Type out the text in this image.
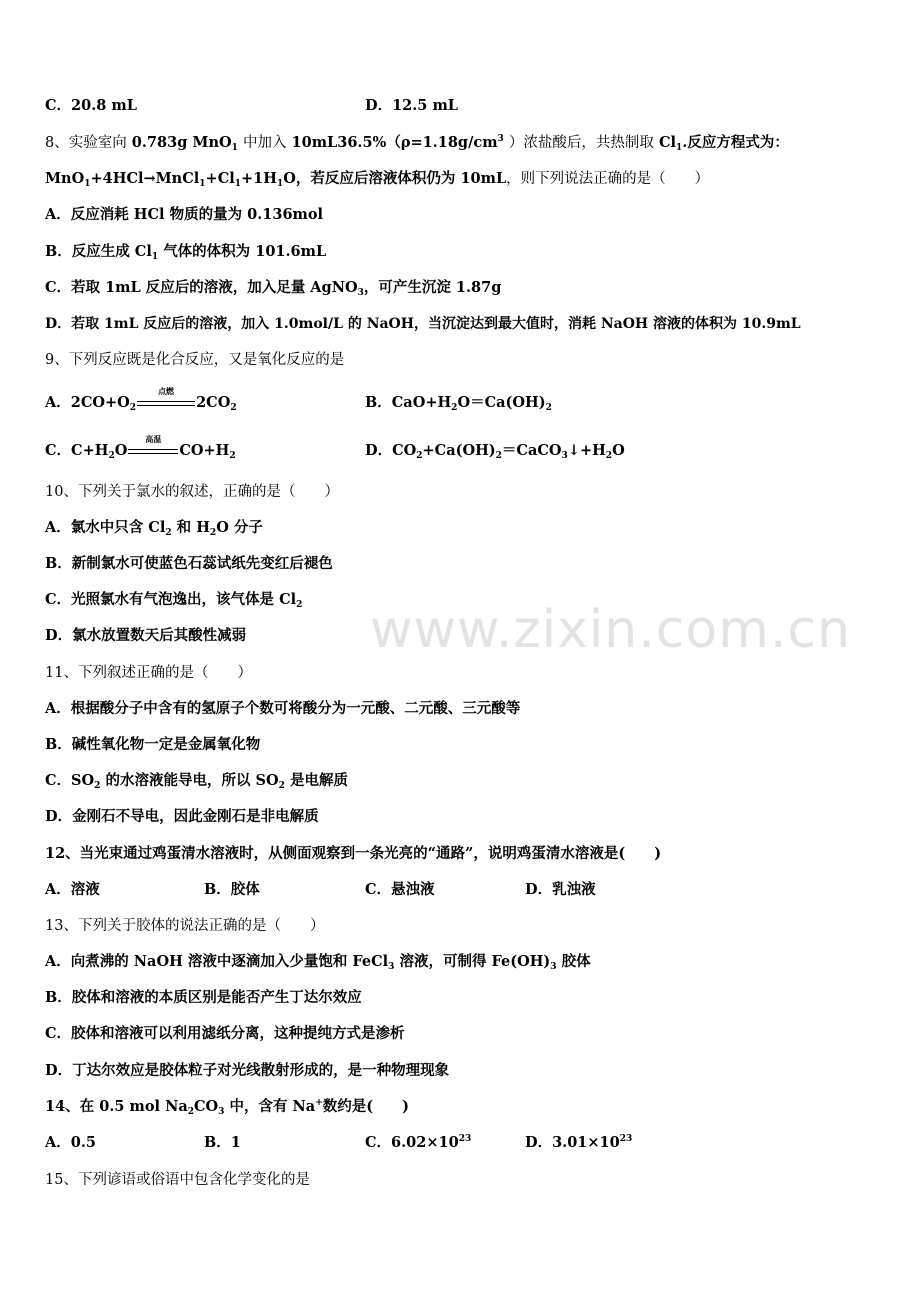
C．20.8 mL	D．12.5 mL
8、实验室向 0.783g MnO$_1$ 中加入 $10mL36.5\%(\rho=1.18g/cm^3$ ）浓盐酸后，共热制取 $Cl_1$.反应方程式为：
$MnO_1+4HCl\to MnCl_1+Cl_1+1H_1O$，若反应后溶液体积仍为 10mL，则下列说法正确的是（　　）
A．反应消耗 HCl 物质的量为 0.136mol
B．反应生成 $Cl_1$ 气体的体积为 101.6mL
C．若取 1mL 反应后的溶液，加入足量 AgNO$_3$，可产生沉淀 1.87g
D．若取 1mL 反应后的溶液，加入 1.0mol/L 的 NaOH，当沉淀达到最大值时，消耗 NaOH 溶液的体积为 10.9mL
9、下列反应既是化合反应，又是氧化反应的是
A．$2CO+O_2$
点燃
$2CO_2$	B．$CaO+H_2O=Ca(OH)_2$
C．$C+H_2O$
高温
$CO+H_2$	D．$CO_2+Ca(OH)_2=CaCO_3↓+H_2O$
10、下列关于氯水的叙述，正确的是（　　）
A．氯水中只含 $Cl_2$ 和 $H_2O$ 分子
B．新制氯水可使蓝色石蕊试纸先变红后褪色
C．光照氯水有气泡逸出，该气体是 $Cl_2$
D．氯水放置数天后其酸性减弱 www.zixin.com.cn
11、下列叙述正确的是（　　）
A．根据酸分子中含有的氢原子个数可将酸分为一元酸、二元酸、三元酸等
B．碱性氧化物一定是金属氧化物
C．$SO_2$ 的水溶液能导电，所以 $SO_2$ 是电解质
D．金刚石不导电，因此金刚石是非电解质
12、当光束通过鸡蛋清水溶液时，从侧面观察到一条光亮的“通路”，说明鸡蛋清水溶液是(　　)
A．溶液	B．胶体	C．悬浊液	D．乳浊液
13、下列关于胶体的说法正确的是（　　）
A．向煮沸的 NaOH 溶液中逐滴加入少量饱和 FeCl$_3$ 溶液，可制得 $Fe(OH)_3$ 胶体
B．胶体和溶液的本质区别是能否产生丁达尔效应
C．胶体和溶液可以利用滤纸分离，这种提纯方式是渗析
D．丁达尔效应是胶体粒子对光线散射形成的，是一种物理现象
14、在 0.5 mol $Na_2CO_3$ 中，含有 Na+数约是(　　)
A．0.5	B．1	C．$6.02\times 10^{23}$	D．$3.01\times 10^{23}$
15、下列谚语或俗语中包含化学变化的是
